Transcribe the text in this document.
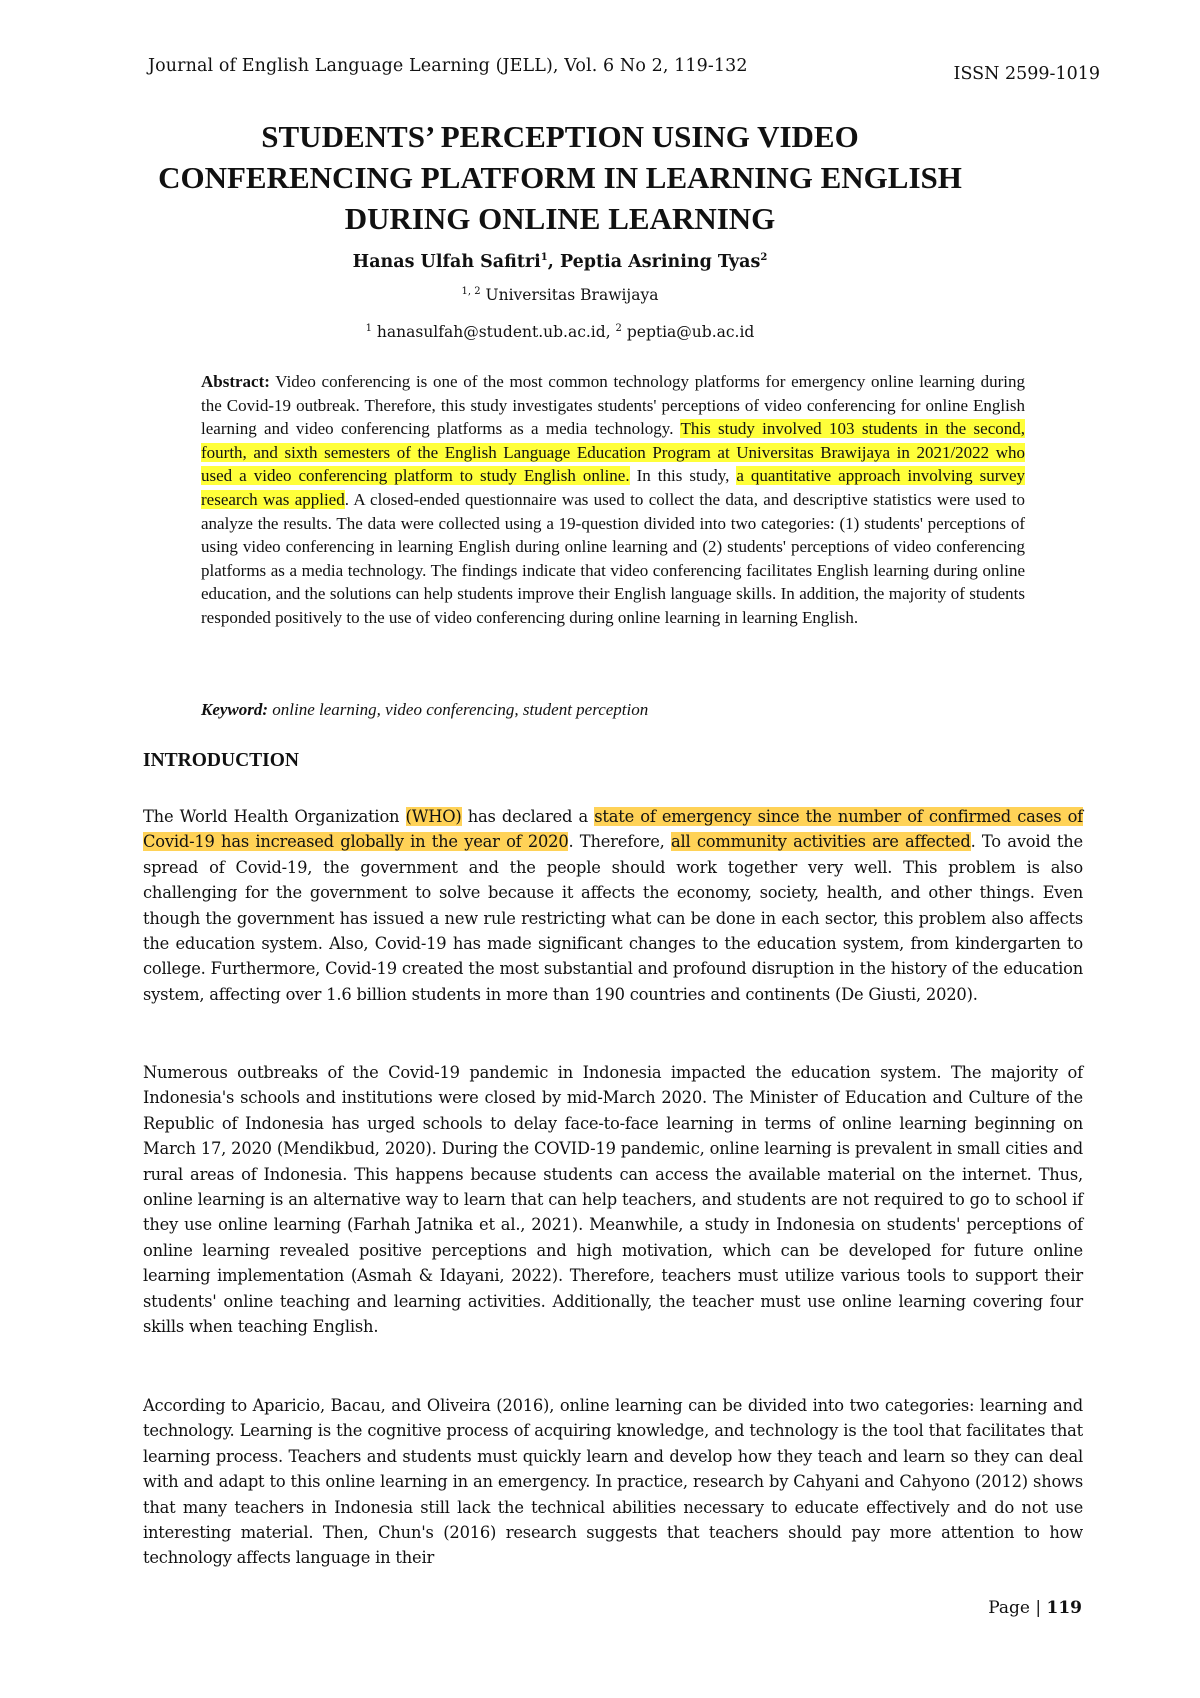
Journal of English Language Learning (JELL), Vol. 6 No 2, 119-132	ISSN 2599-1019
STUDENTS’ PERCEPTION USING VIDEO
CONFERENCING PLATFORM IN LEARNING ENGLISH
DURING ONLINE LEARNING
Hanas Ulfah Safitri$^1$, Peptia Asrining Tyas$^2$
$^{1, 2}$ Universitas Brawijaya
$^1$ hanasulfah@student.ub.ac.id, $^2$ peptia@ub.ac.id
Abstract: Video conferencing is one of the most common technology platforms for emergency online learning during the Covid-19 outbreak. Therefore, this study investigates students' perceptions of video conferencing for online English learning and video conferencing platforms as a media technology. This study involved 103 students in the second, fourth, and sixth semesters of the English Language Education Program at Universitas Brawijaya in 2021/2022 who used a video conferencing platform to study English online. In this study, a quantitative approach involving survey research was applied. A closed-ended questionnaire was used to collect the data, and descriptive statistics were used to analyze the results. The data were collected using a 19-question divided into two categories: (1) students' perceptions of using video conferencing in learning English during online learning and (2) students' perceptions of video conferencing platforms as a media technology. The findings indicate that video conferencing facilitates English learning during online education, and the solutions can help students improve their English language skills. In addition, the majority of students responded positively to the use of video conferencing during online learning in learning English.
Keyword: online learning, video conferencing, student perception
INTRODUCTION
The World Health Organization (WHO) has declared a state of emergency since the number of confirmed cases of Covid-19 has increased globally in the year of 2020. Therefore, all community activities are affected. To avoid the spread of Covid-19, the government and the people should work together very well. This problem is also challenging for the government to solve because it affects the economy, society, health, and other things. Even though the government has issued a new rule restricting what can be done in each sector, this problem also affects the education system. Also, Covid-19 has made significant changes to the education system, from kindergarten to college. Furthermore, Covid-19 created the most substantial and profound disruption in the history of the education system, affecting over 1.6 billion students in more than 190 countries and continents (De Giusti, 2020).
Numerous outbreaks of the Covid-19 pandemic in Indonesia impacted the education system. The majority of Indonesia's schools and institutions were closed by mid-March 2020. The Minister of Education and Culture of the Republic of Indonesia has urged schools to delay face-to-face learning in terms of online learning beginning on March 17, 2020 (Mendikbud, 2020). During the COVID-19 pandemic, online learning is prevalent in small cities and rural areas of Indonesia. This happens because students can access the available material on the internet. Thus, online learning is an alternative way to learn that can help teachers, and students are not required to go to school if they use online learning (Farhah Jatnika et al., 2021). Meanwhile, a study in Indonesia on students' perceptions of online learning revealed positive perceptions and high motivation, which can be developed for future online learning implementation (Asmah & Idayani, 2022). Therefore, teachers must utilize various tools to support their students' online teaching and learning activities. Additionally, the teacher must use online learning covering four skills when teaching English.
According to Aparicio, Bacau, and Oliveira (2016), online learning can be divided into two categories: learning and technology. Learning is the cognitive process of acquiring knowledge, and technology is the tool that facilitates that learning process. Teachers and students must quickly learn and develop how they teach and learn so they can deal with and adapt to this online learning in an emergency. In practice, research by Cahyani and Cahyono (2012) shows that many teachers in Indonesia still lack the technical abilities necessary to educate effectively and do not use interesting material. Then, Chun's (2016) research suggests that teachers should pay more attention to how technology affects language in their
Page | 119
